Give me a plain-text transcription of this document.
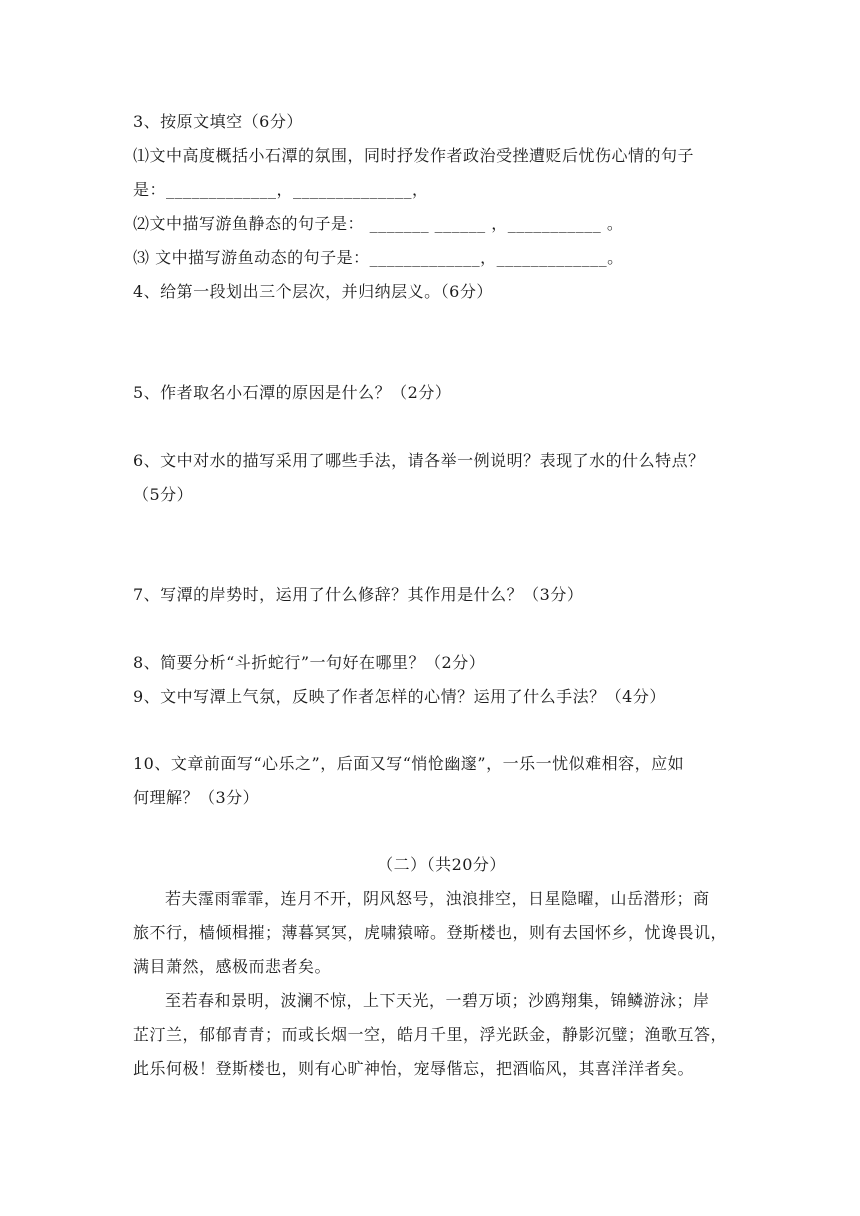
3、按原文填空（6分）
⑴文中高度概括小石潭的氛围，同时抒发作者政治受挫遭贬后忧伤心情的句子
是：_____________，______________，
⑵文中描写游鱼静态的句子是： _______ ______ ，___________ 。
⑶ 文中描写游鱼动态的句子是：_____________，_____________。
4、给第一段划出三个层次，并归纳层义。（6分）
5、作者取名小石潭的原因是什么？（2分）
6、文中对水的描写采用了哪些手法，请各举一例说明？表现了水的什么特点？
（5分）
7、写潭的岸势时，运用了什么修辞？其作用是什么？（3分）
8、简要分析“斗折蛇行”一句好在哪里？（2分）
9、文中写潭上气氛，反映了作者怎样的心情？运用了什么手法？（4分）
10、文章前面写“心乐之”，后面又写“悄怆幽邃”，一乐一忧似难相容，应如
何理解？（3分）
（二）（共20分）
若夫霪雨霏霏，连月不开，阴风怒号，浊浪排空，日星隐曜，山岳潜形；商
旅不行，樯倾楫摧；薄暮冥冥，虎啸猿啼。登斯楼也，则有去国怀乡，忧谗畏讥，
满目萧然，感极而悲者矣。
至若春和景明，波澜不惊，上下天光，一碧万顷；沙鸥翔集，锦鳞游泳；岸
芷汀兰，郁郁青青；而或长烟一空，皓月千里，浮光跃金，静影沉璧；渔歌互答，
此乐何极！登斯楼也，则有心旷神怡，宠辱偕忘，把酒临风，其喜洋洋者矣。
